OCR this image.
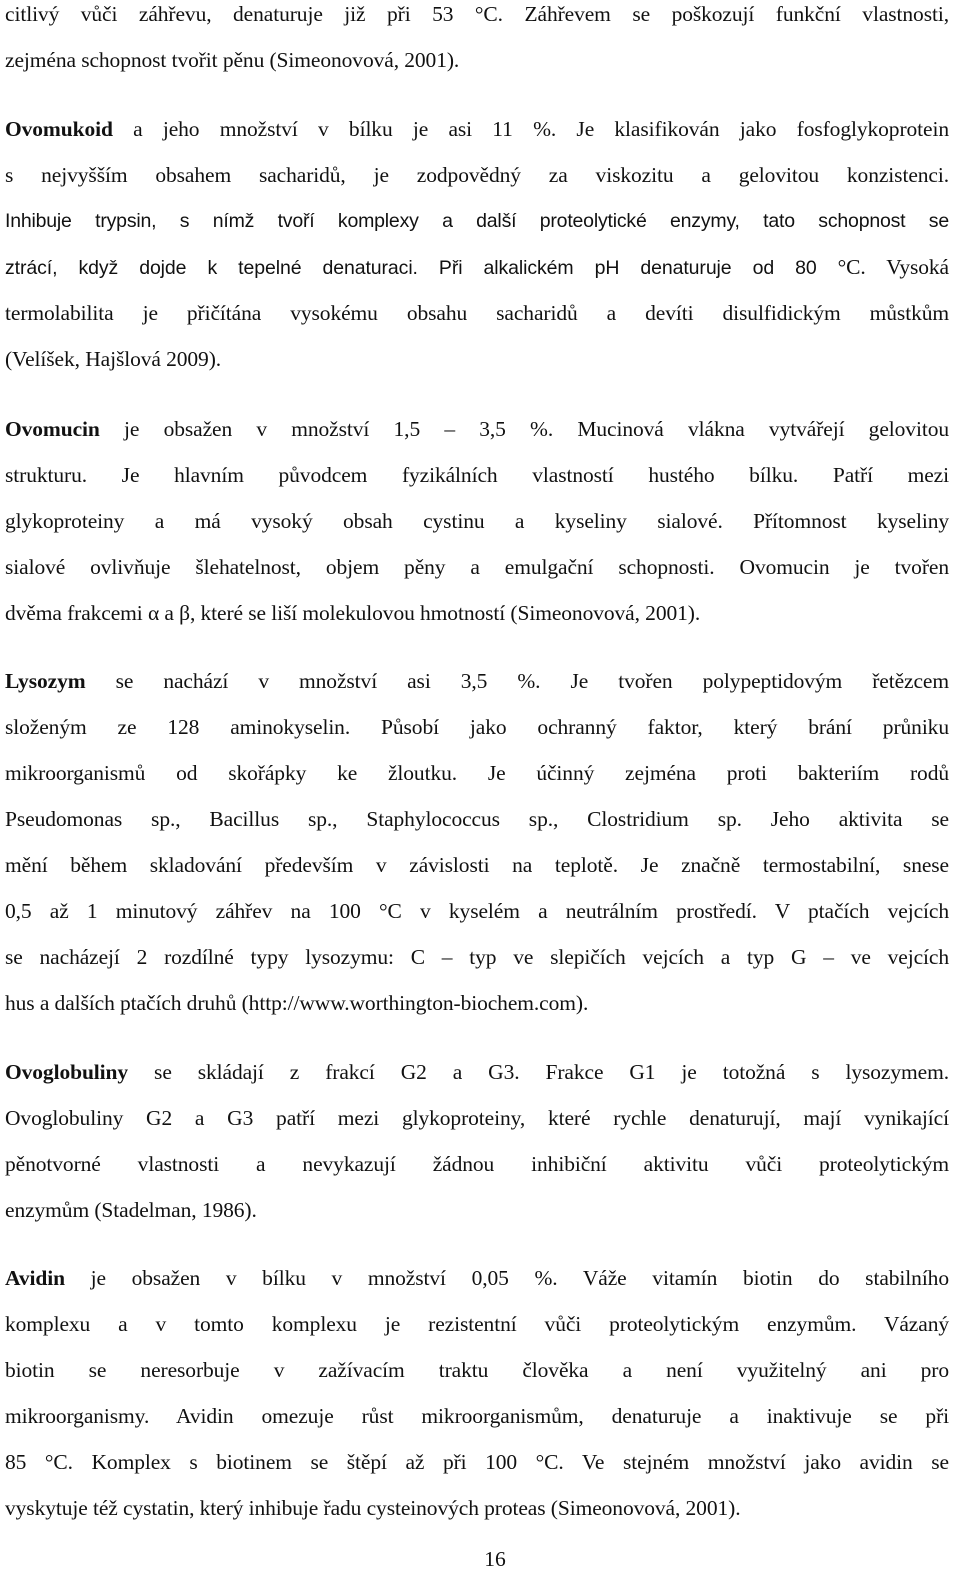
citlivý vůči záhřevu, denaturuje již při 53 °C. Záhřevem se poškozují funkční vlastnosti,
zejména schopnost tvořit pěnu (Simeonovová, 2001).
Ovomukoid a jeho množství v bílku je asi 11 %. Je klasifikován jako fosfoglykoprotein
s nejvyšším obsahem sacharidů, je zodpovědný za viskozitu a gelovitou konzistenci.
Inhibuje trypsin, s nímž tvoří komplexy a další proteolytické enzymy, tato schopnost se
ztrácí, když dojde k tepelné denaturaci. Při alkalickém pH denaturuje od 80 °C. Vysoká
termolabilita je přičítána vysokému obsahu sacharidů a devíti disulfidickým můstkům
(Velíšek, Hajšlová 2009).
Ovomucin je obsažen v množství 1,5 – 3,5 %. Mucinová vlákna vytvářejí gelovitou
strukturu. Je hlavním původcem fyzikálních vlastností hustého bílku. Patří mezi
glykoproteiny a má vysoký obsah cystinu a kyseliny sialové. Přítomnost kyseliny
sialové ovlivňuje šlehatelnost, objem pěny a emulgační schopnosti. Ovomucin je tvořen
dvěma frakcemi α a β, které se liší molekulovou hmotností (Simeonovová, 2001).
Lysozym se nachází v množství asi 3,5 %. Je tvořen polypeptidovým řetězcem
složeným ze 128 aminokyselin. Působí jako ochranný faktor, který brání průniku
mikroorganismů od skořápky ke žloutku. Je účinný zejména proti bakteriím rodů
Pseudomonas sp., Bacillus sp., Staphylococcus sp., Clostridium sp. Jeho aktivita se
mění během skladování především v závislosti na teplotě. Je značně termostabilní, snese
0,5 až 1 minutový záhřev na 100 °C v kyselém a neutrálním prostředí. V ptačích vejcích
se nacházejí 2 rozdílné typy lysozymu: C – typ ve slepičích vejcích a typ G – ve vejcích
hus a dalších ptačích druhů (http://www.worthington-biochem.com).
Ovoglobuliny se skládají z frakcí G2 a G3. Frakce G1 je totožná s lysozymem.
Ovoglobuliny G2 a G3 patří mezi glykoproteiny, které rychle denaturují, mají vynikající
pěnotvorné vlastnosti a nevykazují žádnou inhibiční aktivitu vůči proteolytickým
enzymům (Stadelman, 1986).
Avidin je obsažen v bílku v množství 0,05 %. Váže vitamín biotin do stabilního
komplexu a v tomto komplexu je rezistentní vůči proteolytickým enzymům. Vázaný
biotin se neresorbuje v zažívacím traktu člověka a není využitelný ani pro
mikroorganismy. Avidin omezuje růst mikroorganismům, denaturuje a inaktivuje se při
85 °C. Komplex s biotinem se štěpí až při 100 °C. Ve stejném množství jako avidin se
vyskytuje též cystatin, který inhibuje řadu cysteinových proteas (Simeonovová, 2001).
16
